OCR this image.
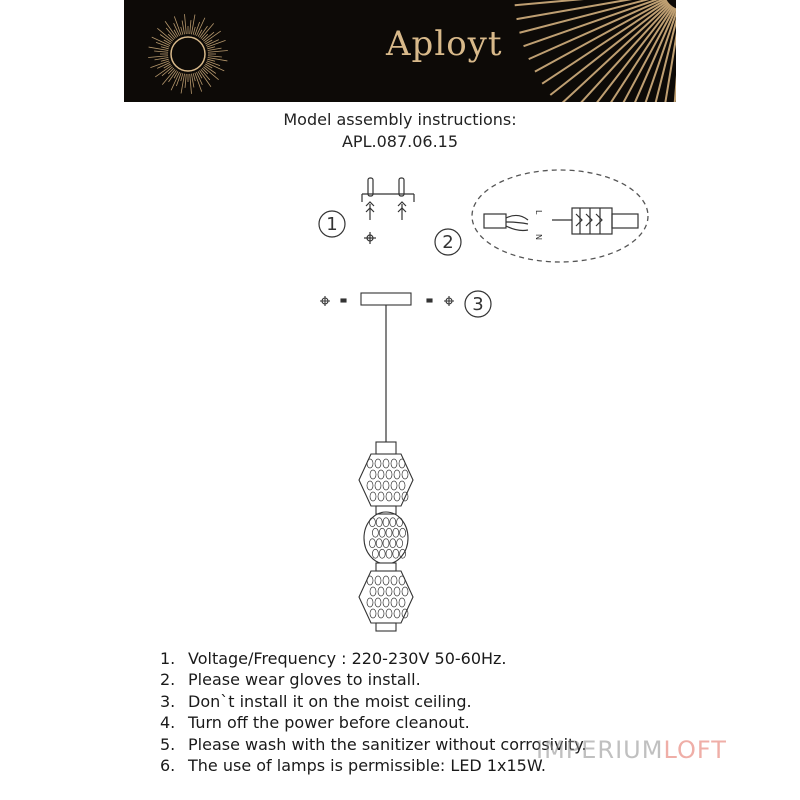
Aployt
Model assembly instructions:
APL.087.06.15
1
L
N
2
3
1. Voltage/Frequency : 220-230V 50-60Hz.
2. Please wear gloves to install.
3. Don`t install it on the moist ceiling.
4. Turn off the power before cleanout.
5. Please wash with the sanitizer without corrosivity.
6. The use of lamps is permissible: LED 1x15W.
IMPERIUMLOFT
